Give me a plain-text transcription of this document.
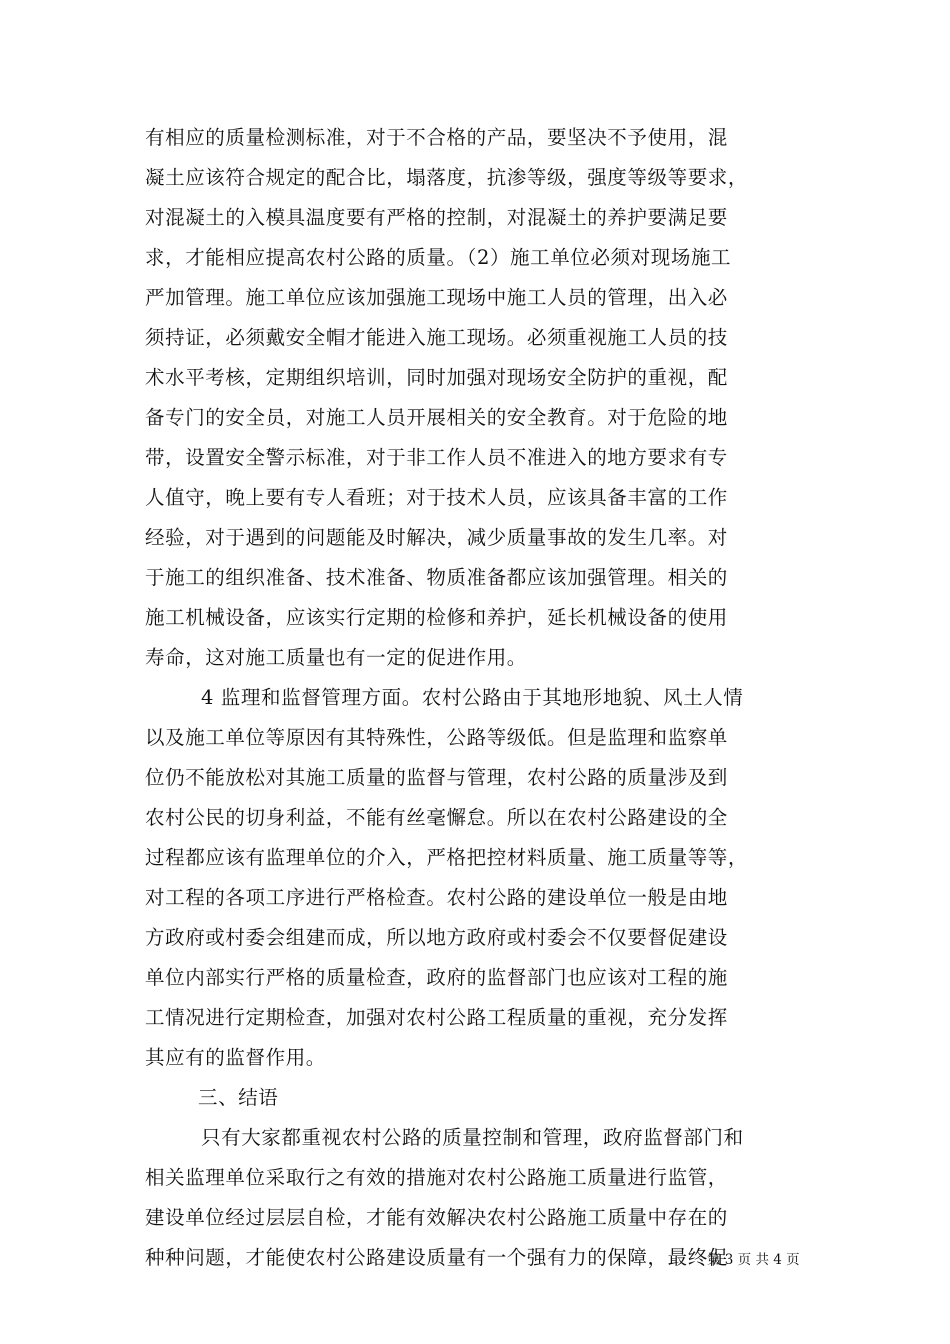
有相应的质量检测标准，对于不合格的产品，要坚决不予使用，混
凝土应该符合规定的配合比，塌落度，抗渗等级，强度等级等要求，
对混凝土的入模具温度要有严格的控制，对混凝土的养护要满足要
求，才能相应提高农村公路的质量。（2）施工单位必须对现场施工
严加管理。施工单位应该加强施工现场中施工人员的管理，出入必
须持证，必须戴安全帽才能进入施工现场。必须重视施工人员的技
术水平考核，定期组织培训，同时加强对现场安全防护的重视，配
备专门的安全员，对施工人员开展相关的安全教育。对于危险的地
带，设置安全警示标准，对于非工作人员不准进入的地方要求有专
人值守，晚上要有专人看班；对于技术人员，应该具备丰富的工作
经验，对于遇到的问题能及时解决，减少质量事故的发生几率。对
于施工的组织准备、技术准备、物质准备都应该加强管理。相关的
施工机械设备，应该实行定期的检修和养护，延长机械设备的使用
寿命，这对施工质量也有一定的促进作用。
4 监理和监督管理方面。农村公路由于其地形地貌、风土人情
以及施工单位等原因有其特殊性，公路等级低。但是监理和监察单
位仍不能放松对其施工质量的监督与管理，农村公路的质量涉及到
农村公民的切身利益，不能有丝毫懈怠。所以在农村公路建设的全
过程都应该有监理单位的介入，严格把控材料质量、施工质量等等，
对工程的各项工序进行严格检查。农村公路的建设单位一般是由地
方政府或村委会组建而成，所以地方政府或村委会不仅要督促建设
单位内部实行严格的质量检查，政府的监督部门也应该对工程的施
工情况进行定期检查，加强对农村公路工程质量的重视，充分发挥
其应有的监督作用。
三、结语
只有大家都重视农村公路的质量控制和管理，政府监督部门和
相关监理单位采取行之有效的措施对农村公路施工质量进行监管，
建设单位经过层层自检，才能有效解决农村公路施工质量中存在的
种种问题，才能使农村公路建设质量有一个强有力的保障，最终促
第 3 页 共 4 页
